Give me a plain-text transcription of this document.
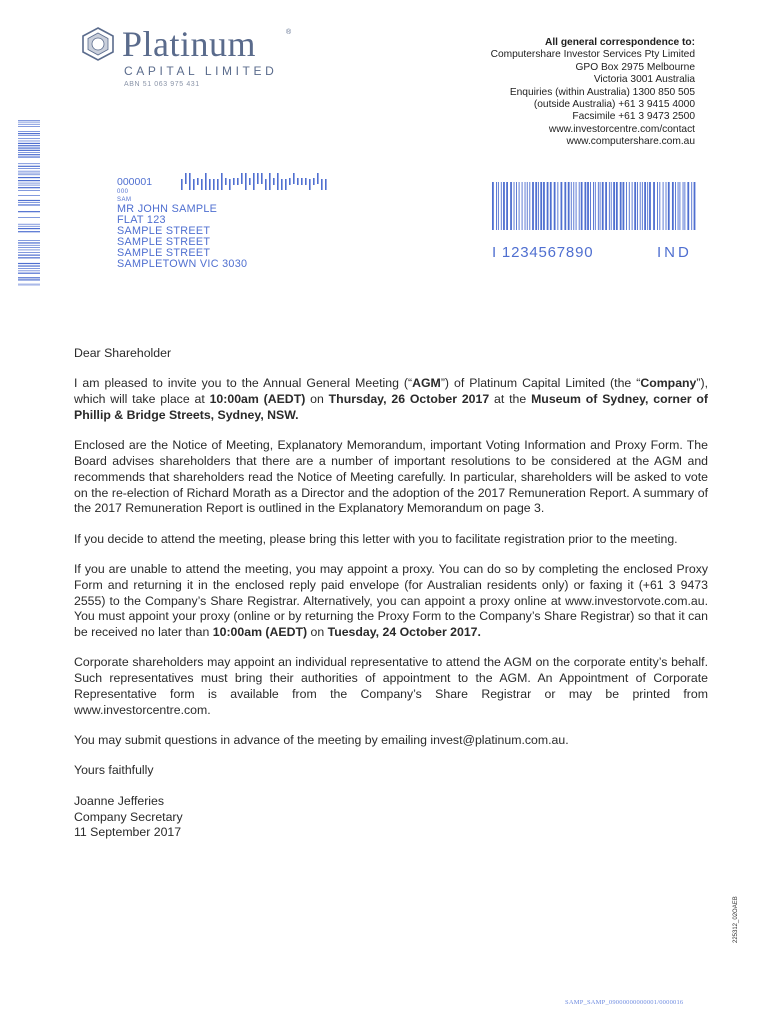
Platinum	®
CAPITAL LIMITED
ABN 51 063 975 431
All general correspondence to:
Computershare Investor Services Pty Limited
GPO Box 2975 Melbourne
Victoria 3001 Australia
Enquiries (within Australia) 1300 850 505
(outside Australia) +61 3 9415 4000
Facsimile +61 3 9473 2500
www.investorcentre.com/contact
www.computershare.com.au
000001
000
SAM
MR JOHN SAMPLE
FLAT 123
SAMPLE STREET
SAMPLE STREET
SAMPLE STREET
SAMPLETOWN VIC 3030
I 1234567890	IND

Dear Shareholder

I am pleased to invite you to the Annual General Meeting (“AGM”) of Platinum Capital Limited (the “Company”), which will take place at 10:00am (AEDT) on Thursday, 26 October 2017 at the Museum of Sydney, corner of Phillip & Bridge Streets, Sydney, NSW.

Enclosed are the Notice of Meeting, Explanatory Memorandum, important Voting Information and Proxy Form. The Board advises shareholders that there are a number of important resolutions to be considered at the AGM and recommends that shareholders read the Notice of Meeting carefully. In particular, shareholders will be asked to vote on the re-election of Richard Morath as a Director and the adoption of the 2017 Remuneration Report. A summary of the 2017 Remuneration Report is outlined in the Explanatory Memorandum on page 3.

If you decide to attend the meeting, please bring this letter with you to facilitate registration prior to the meeting.

If you are unable to attend the meeting, you may appoint a proxy. You can do so by completing the enclosed Proxy Form and returning it in the enclosed reply paid envelope (for Australian residents only) or faxing it (+61 3 9473 2555) to the Company’s Share Registrar. Alternatively, you can appoint a proxy online at www.investorvote.com.au. You must appoint your proxy (online or by returning the Proxy Form to the Company’s Share Registrar) so that it can be received no later than 10:00am (AEDT) on Tuesday, 24 October 2017.

Corporate shareholders may appoint an individual representative to attend the AGM on the corporate entity’s behalf. Such representatives must bring their authorities of appointment to the AGM. An Appointment of Corporate Representative form is available from the Company’s Share Registrar or may be printed from www.investorcentre.com.

You may submit questions in advance of the meeting by emailing invest@platinum.com.au.

Yours faithfully

Joanne Jefferies

Company Secretary

11 September 2017

225312_02OAEB
SAMP_SAMP_09000000000001/0000016
